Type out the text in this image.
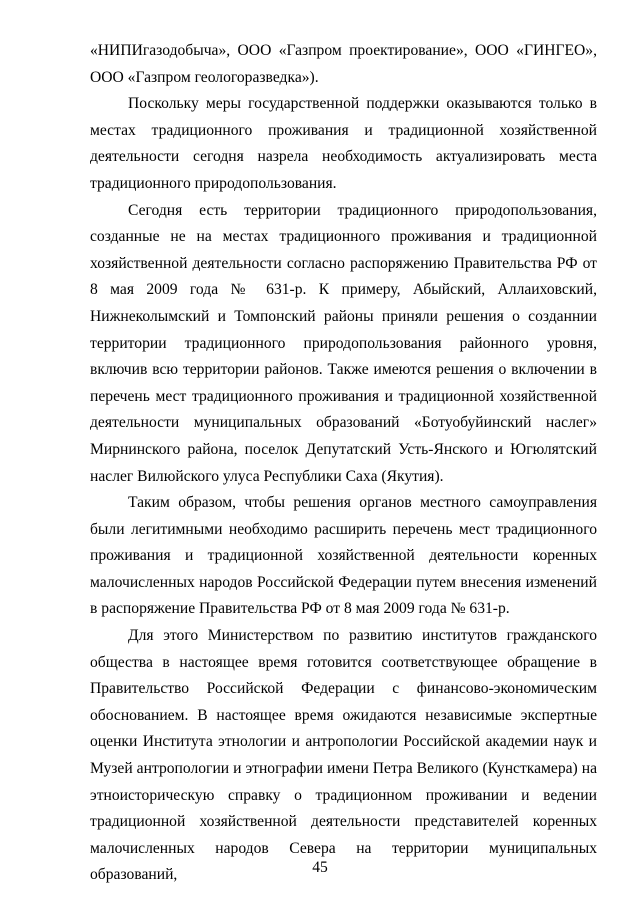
«НИПИгазодобыча», ООО «Газпром проектирование», ООО «ГИНГЕО», ООО «Газпром геологоразведка»).

Поскольку меры государственной поддержки оказываются только в местах традиционного проживания и традиционной хозяйственной деятельности сегодня назрела необходимость актуализировать места традиционного природопользования.

Сегодня есть территории традиционного природопользования, созданные не на местах традиционного проживания и традиционной хозяйственной деятельности согласно распоряжению Правительства РФ от 8 мая 2009 года № 631-р. К примеру, Абыйский, Аллаиховский, Нижнеколымский и Томпонский районы приняли решения о созданнии территории традиционного природопользования районного уровня, включив всю территории районов. Также имеются решения о включении в перечень мест традиционного проживания и традиционной хозяйственной деятельности муниципальных образований «Ботуобуйинский наслег» Мирнинского района, поселок Депутатский Усть-Янского и Югюлятский наслег Вилюйского улуса Республики Саха (Якутия).

Таким образом, чтобы решения органов местного самоуправления были легитимными необходимо расширить перечень мест традиционного проживания и традиционной хозяйственной деятельности коренных малочисленных народов Российской Федерации путем внесения изменений в распоряжение Правительства РФ от 8 мая 2009 года № 631-р.

Для этого Министерством по развитию институтов гражданского общества в настоящее время готовится соответствующее обращение в Правительство Российской Федерации с финансово-экономическим обоснованием. В настоящее время ожидаются независимые экспертные оценки Института этнологии и антропологии Российской академии наук и Музей антропологии и этнографии имени Петра Великого (Кунсткамера) на этноисторическую справку о традиционном проживании и ведении традиционной хозяйственной деятельности представителей коренных малочисленных народов Севера на территории муниципальных образований,	45
